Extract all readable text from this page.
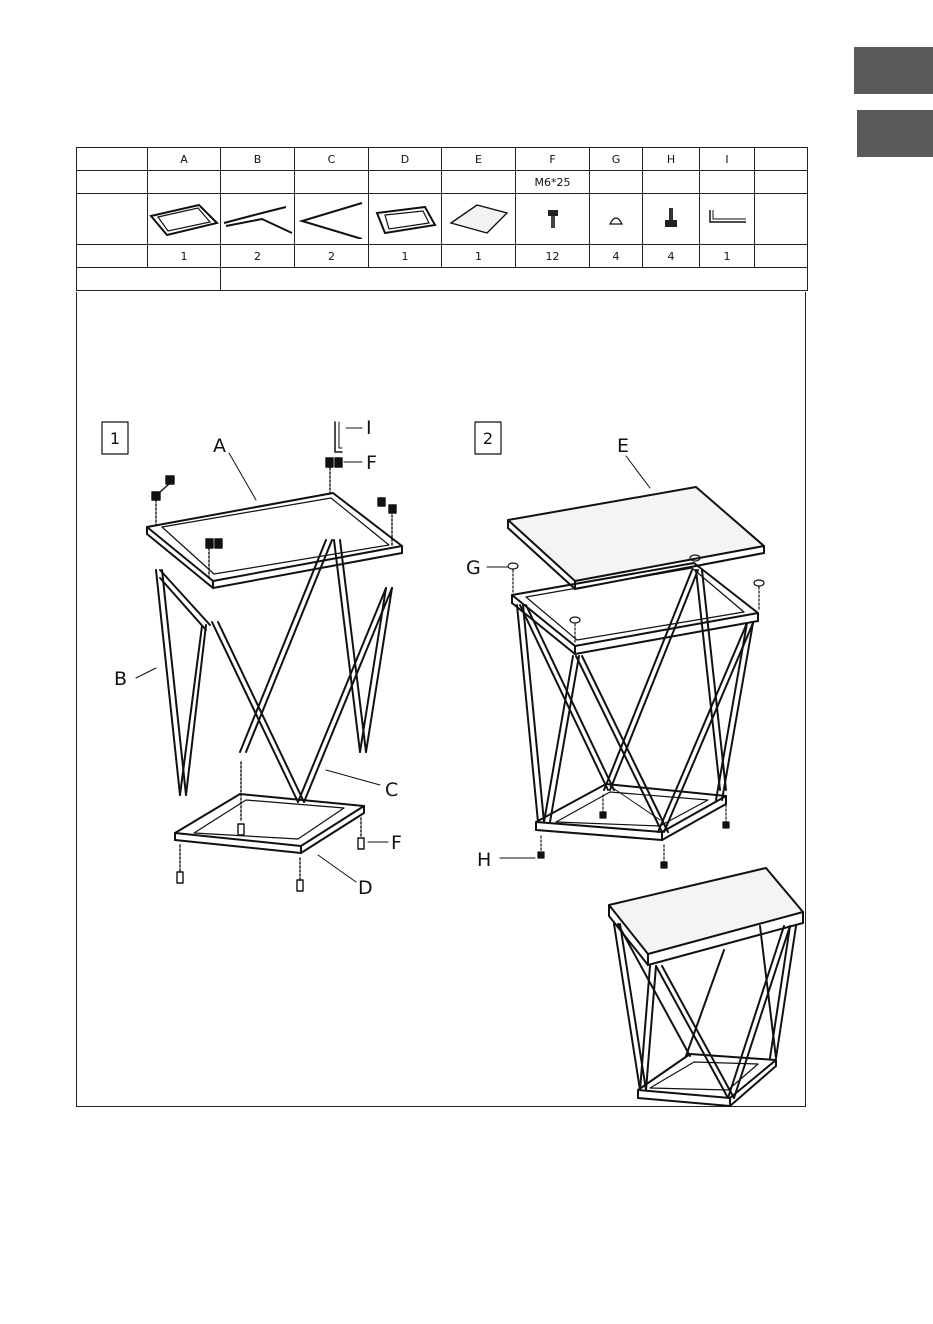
	A	B	C	D	E	F	G	H	I	
						M6*25				

	1	2	2	1	1	12	4	4	1	

1	2
A
I
F
B
C
F
D
E
G
H
